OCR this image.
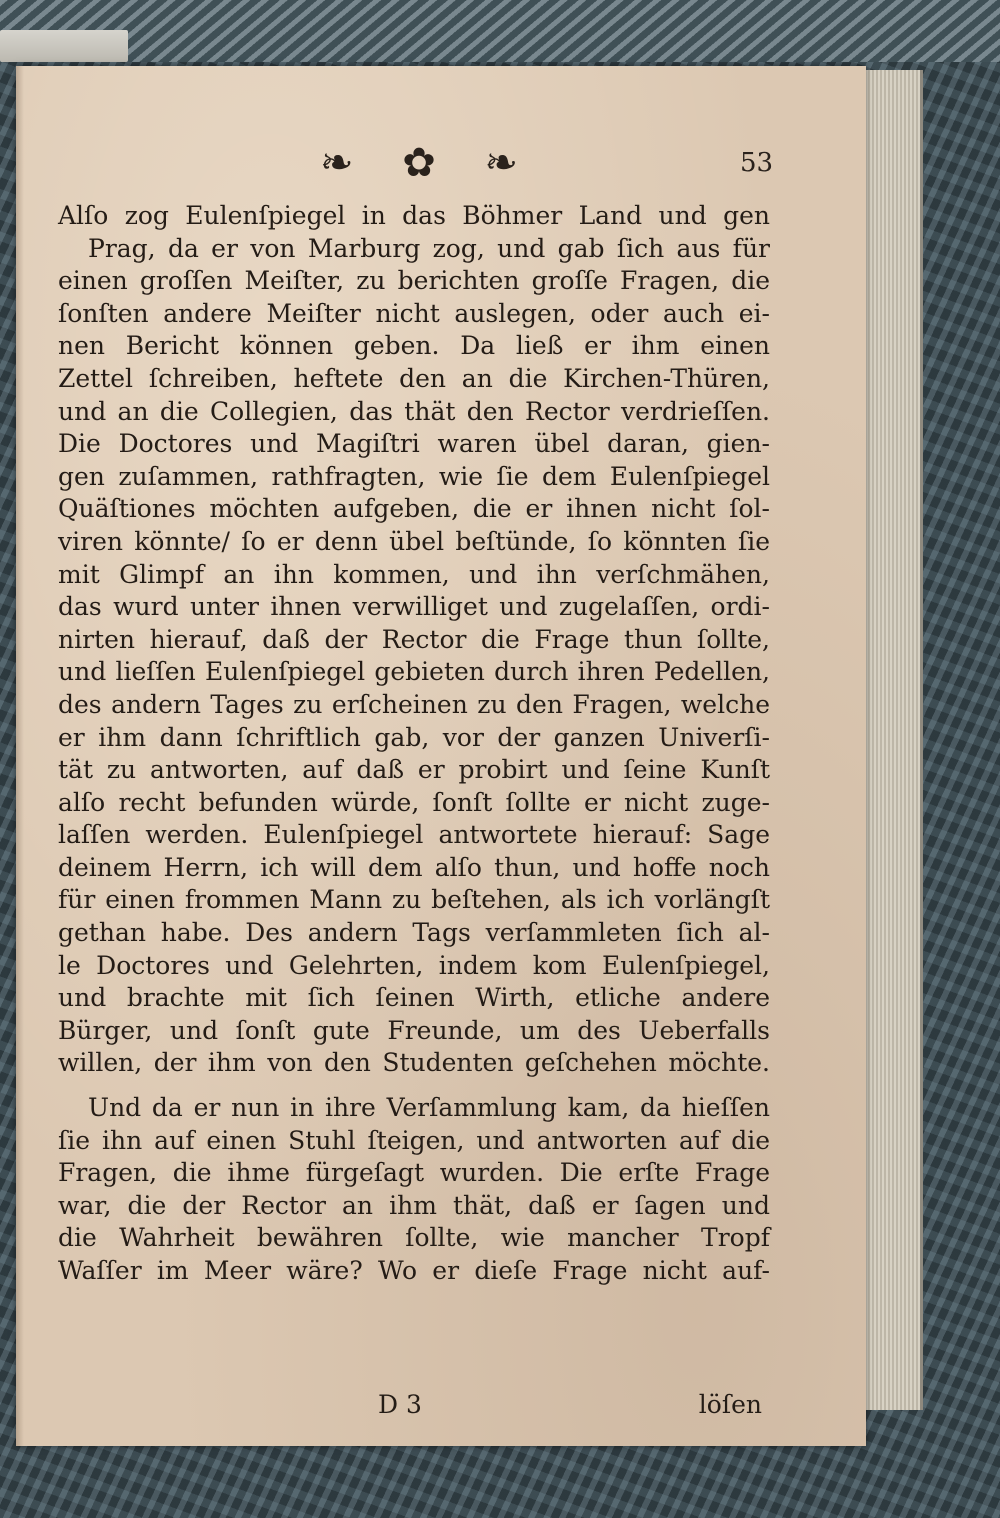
❧ ✿ ❧	53
Alſo zog Eulenſpiegel in das Böhmer Land und gen
Prag, da er von Marburg zog, und gab ſich aus für
einen groſſen Meiſter, zu berichten groſſe Fragen, die
ſonſten andere Meiſter nicht auslegen, oder auch ei-
nen Bericht können geben. Da ließ er ihm einen
Zettel ſchreiben, heftete den an die Kirchen-Thüren,
und an die Collegien, das thät den Rector verdrieſſen.
Die Doctores und Magiſtri waren übel daran, gien-
gen zuſammen, rathfragten, wie ſie dem Eulenſpiegel
Quäſtiones möchten aufgeben, die er ihnen nicht ſol-
viren könnte/ ſo er denn übel beſtünde, ſo könnten ſie
mit Glimpf an ihn kommen, und ihn verſchmähen,
das wurd unter ihnen verwilliget und zugelaſſen, ordi-
nirten hierauf, daß der Rector die Frage thun ſollte,
und lieſſen Eulenſpiegel gebieten durch ihren Pedellen,
des andern Tages zu erſcheinen zu den Fragen, welche
er ihm dann ſchriftlich gab, vor der ganzen Univerſi-
tät zu antworten, auf daß er probirt und ſeine Kunſt
alſo recht befunden würde, ſonſt ſollte er nicht zuge-
laſſen werden. Eulenſpiegel antwortete hierauf: Sage
deinem Herrn, ich will dem alſo thun, und hoffe noch
für einen frommen Mann zu beſtehen, als ich vorlängſt
gethan habe. Des andern Tags verſammleten ſich al-
le Doctores und Gelehrten, indem kom Eulenſpiegel,
und brachte mit ſich ſeinen Wirth, etliche andere
Bürger, und ſonſt gute Freunde, um des Ueberfalls
willen, der ihm von den Studenten geſchehen möchte.
Und da er nun in ihre Verſammlung kam, da hieſſen
ſie ihn auf einen Stuhl ſteigen, und antworten auf die
Fragen, die ihme fürgeſagt wurden. Die erſte Frage
war, die der Rector an ihm thät, daß er ſagen und
die Wahrheit bewähren ſollte, wie mancher Tropf
Waſſer im Meer wäre? Wo er dieſe Frage nicht auf-
D 3	löſen
